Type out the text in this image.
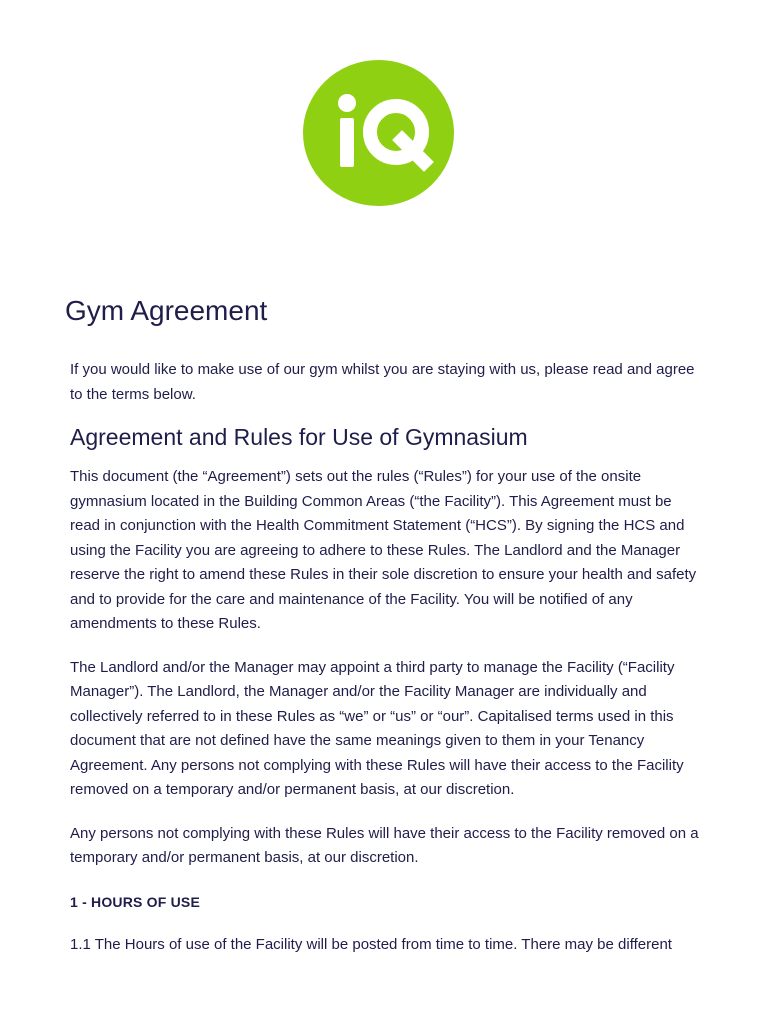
Gym Agreement

If you would like to make use of our gym whilst you are staying with us, please read and agree to the terms below.

Agreement and Rules for Use of Gymnasium

This document (the “Agreement”) sets out the rules (“Rules”) for your use of the onsite gymnasium located in the Building Common Areas (“the Facility”). This Agreement must be read in conjunction with the Health Commitment Statement (“HCS”). By signing the HCS and using the Facility you are agreeing to adhere to these Rules. The Landlord and the Manager reserve the right to amend these Rules in their sole discretion to ensure your health and safety and to provide for the care and maintenance of the Facility. You will be notified of any amendments to these Rules.

The Landlord and/or the Manager may appoint a third party to manage the Facility (“Facility Manager”). The Landlord, the Manager and/or the Facility Manager are individually and collectively referred to in these Rules as “we” or “us” or “our”. Capitalised terms used in this document that are not defined have the same meanings given to them in your Tenancy Agreement. Any persons not complying with these Rules will have their access to the Facility removed on a temporary and/or permanent basis, at our discretion.

Any persons not complying with these Rules will have their access to the Facility removed on a temporary and/or permanent basis, at our discretion.

1 - HOURS OF USE

1.1 The Hours of use of the Facility will be posted from time to time. There may be different
